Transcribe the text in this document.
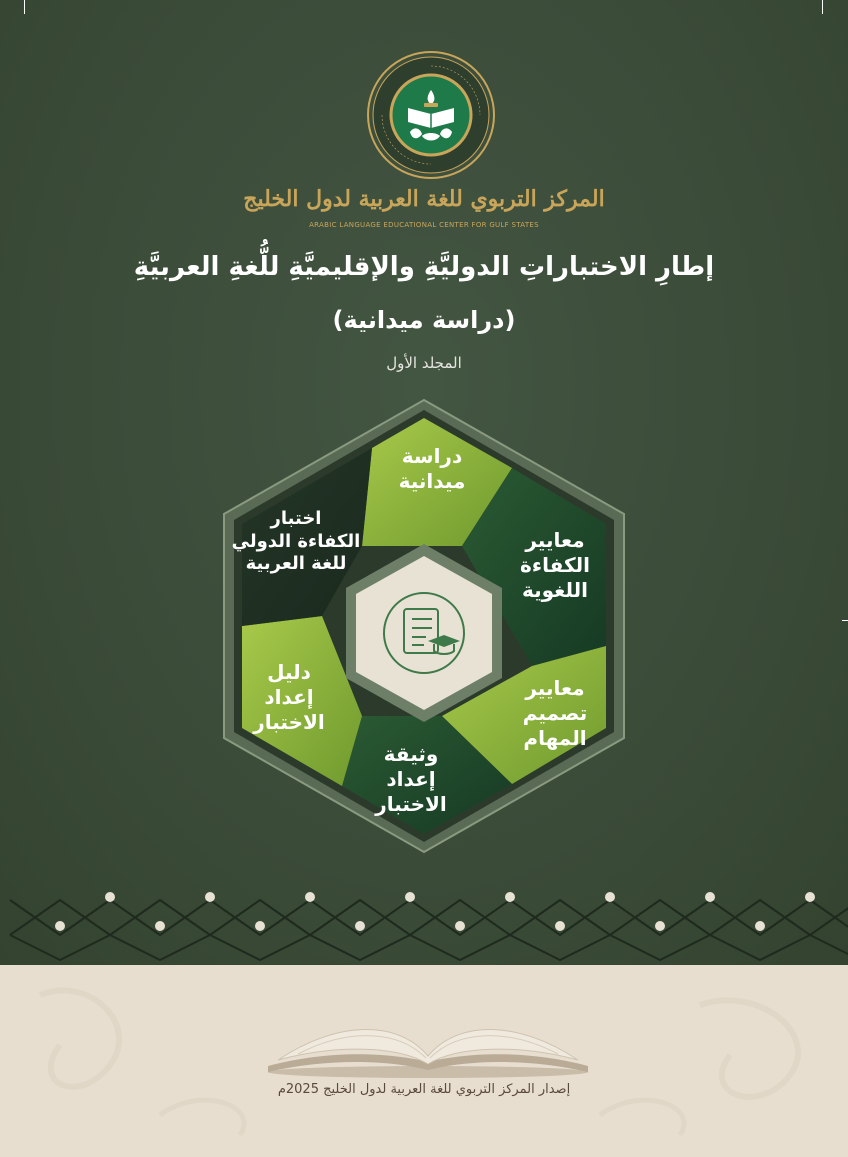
المركز التربوي للغة العربية لدول الخليج
ARABIC LANGUAGE EDUCATIONAL CENTER FOR GULF STATES
إطارِ الاختباراتِ الدوليَّةِ والإقليميَّةِ للُّغةِ العربيَّةِ
(دراسة ميدانية)
المجلد الأول
دراسة
ميدانية
معايير
الكفاءة
اللغوية
معايير
تصميم
المهام
وثيقة
إعداد
الاختبار
دليل
إعداد
الاختبار
اختبار
الكفاءة الدولي
للغة العربية
إصدار المركز التربوي للغة العربية لدول الخليج 2025م
